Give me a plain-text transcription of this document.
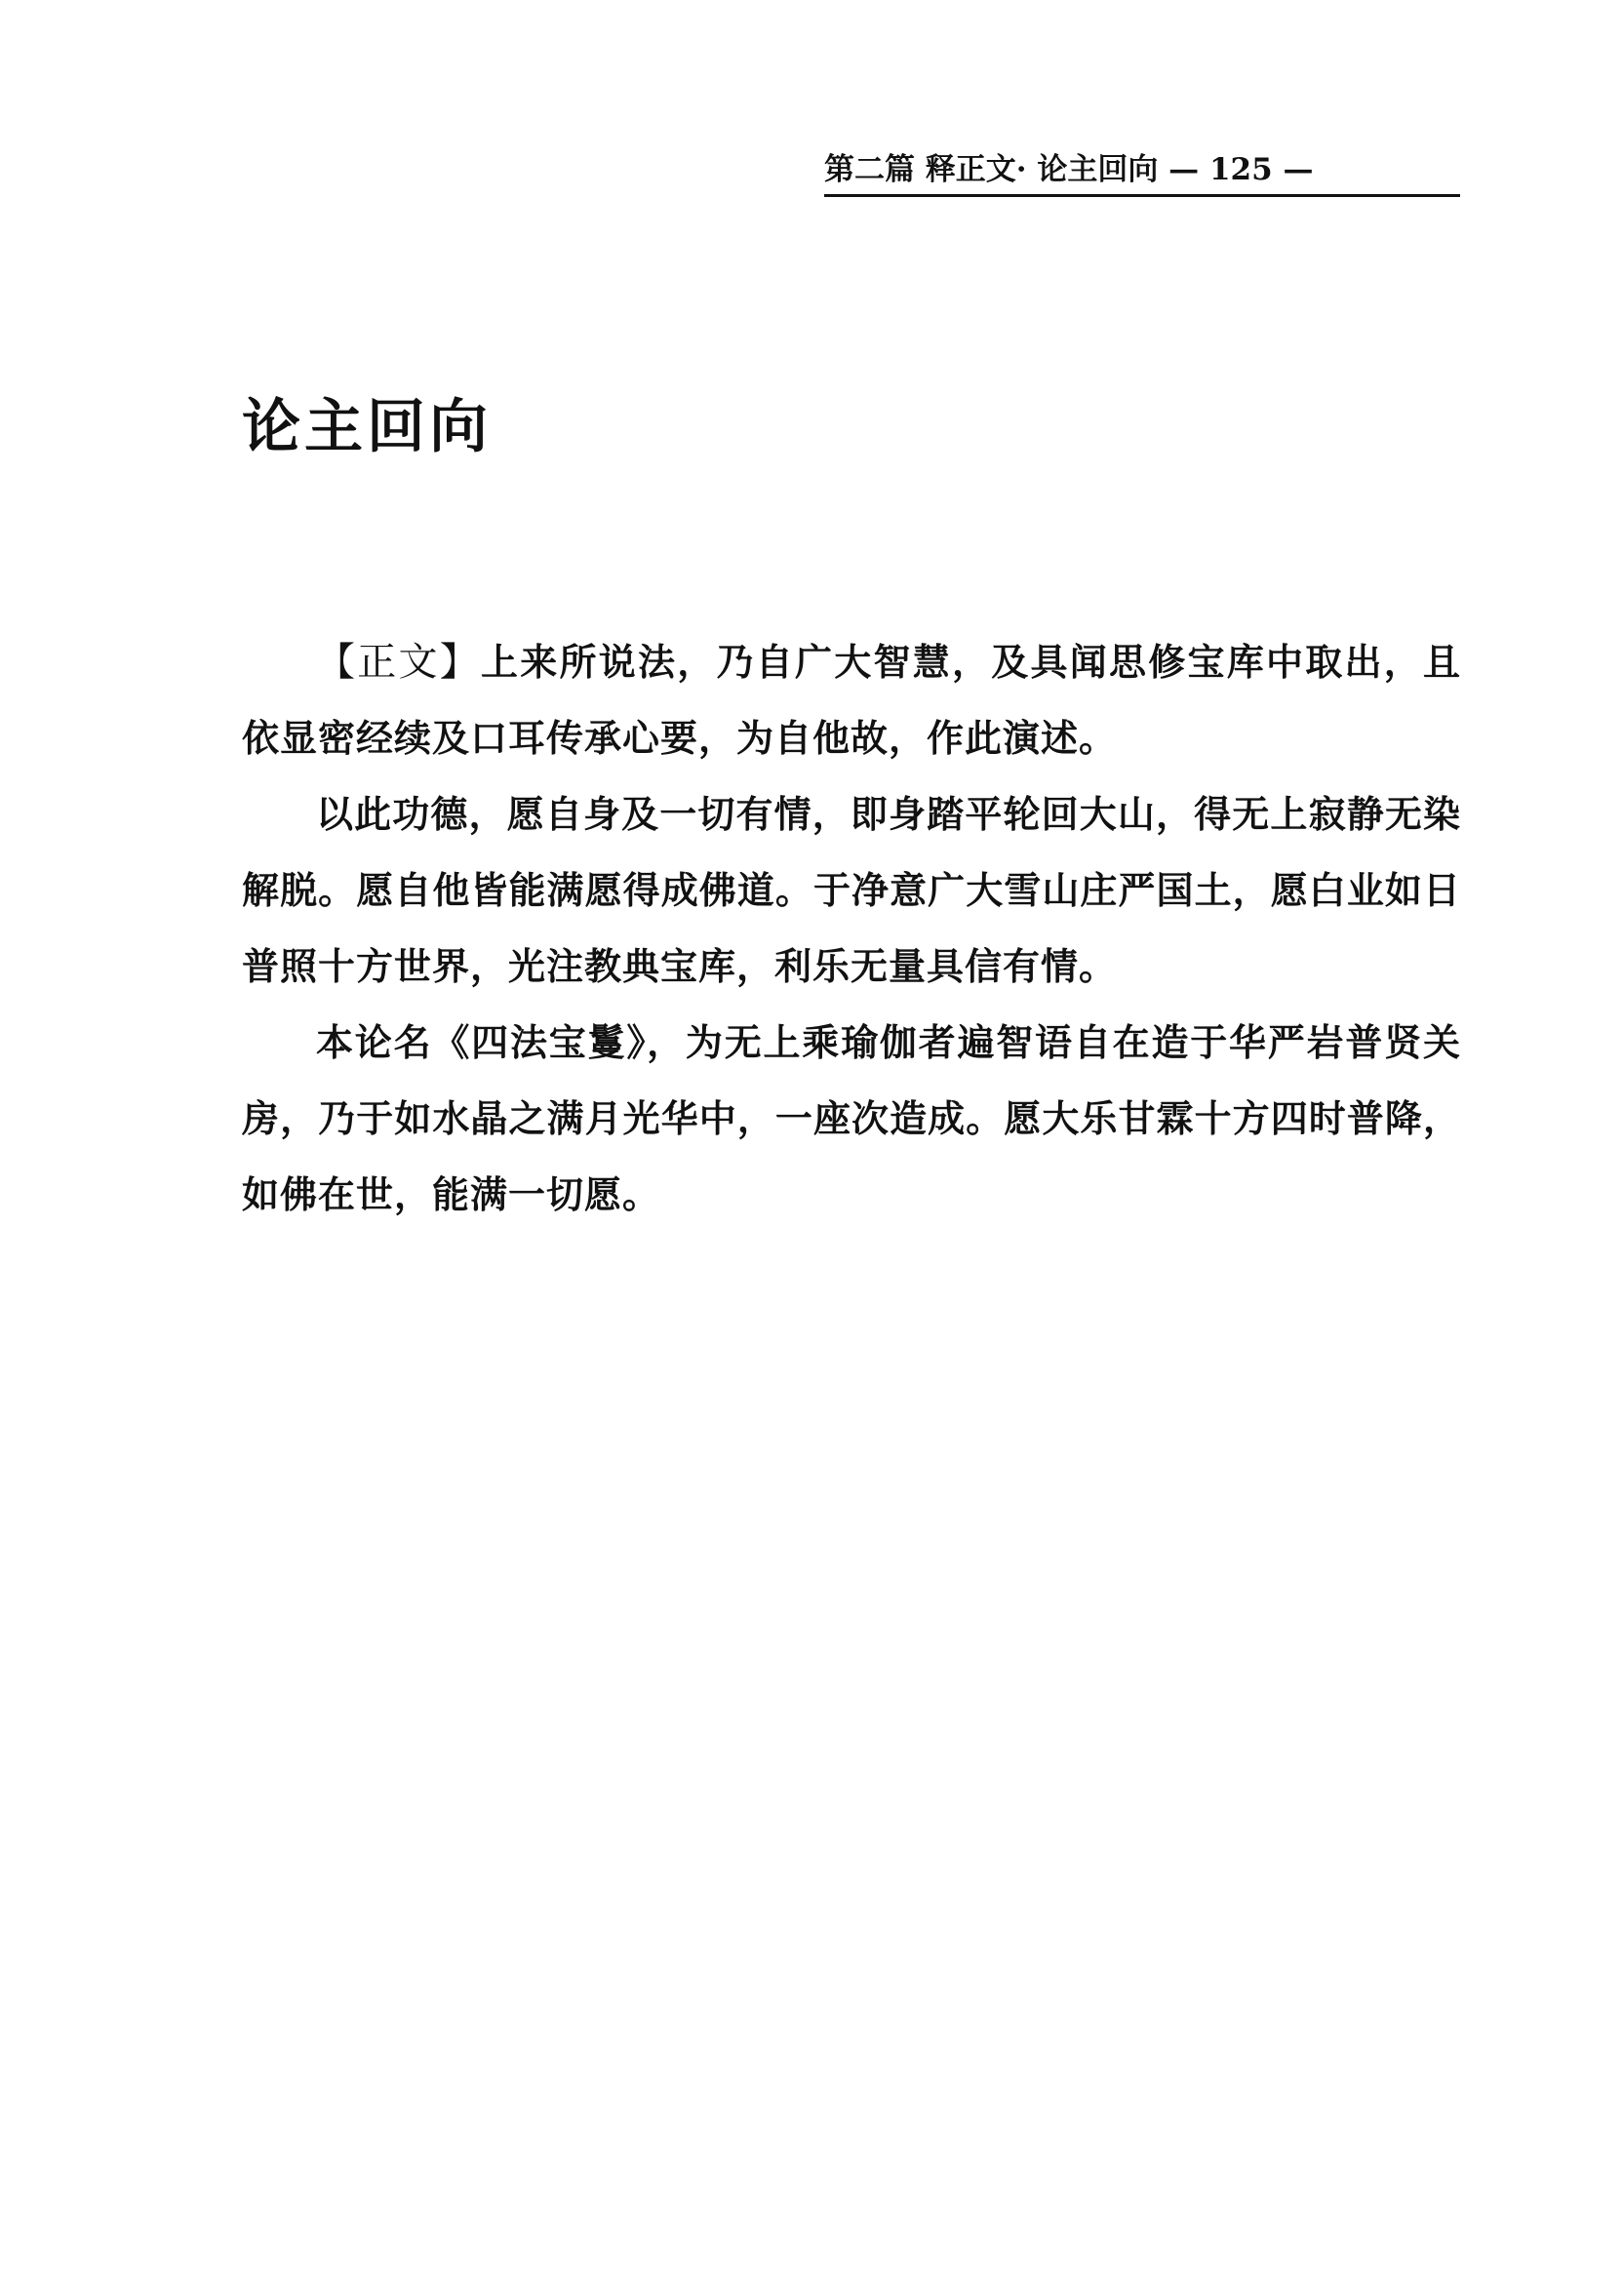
第二篇 释正文· 论主回向 — 125 —
论主回向

【正文】上来所说法，乃自广大智慧，及具闻思修宝库中取出，且依显密经续及口耳传承心要，为自他故，作此演述。

以此功德，愿自身及一切有情，即身踏平轮回大山，得无上寂静无染解脱。愿自他皆能满愿得成佛道。于净意广大雪山庄严国土，愿白业如日普照十方世界，光注教典宝库，利乐无量具信有情。

本论名《四法宝鬘》，为无上乘瑜伽者遍智语自在造于华严岩普贤关房，乃于如水晶之满月光华中，一座次造成。愿大乐甘霖十方四时普降，如佛在世，能满一切愿。
